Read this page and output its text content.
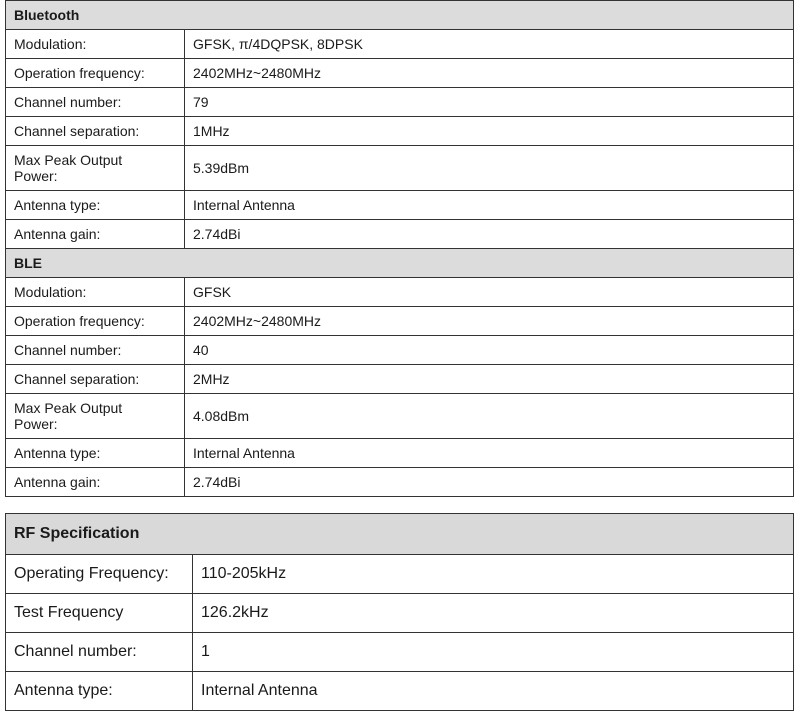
Bluetooth	
Modulation:	GFSK, π/4DQPSK, 8DPSK
Operation frequency:	2402MHz~2480MHz
Channel number:	79
Channel separation:	1MHz
Max Peak Output Power:	5.39dBm
Antenna type:	Internal Antenna
Antenna gain:	2.74dBi
BLE	
Modulation:	GFSK
Operation frequency:	2402MHz~2480MHz
Channel number:	40
Channel separation:	2MHz
Max Peak Output Power:	4.08dBm
Antenna type:	Internal Antenna
Antenna gain:	2.74dBi
RF Specification	
Operating Frequency:	110-205kHz
Test Frequency	126.2kHz
Channel number:	1
Antenna type:	Internal Antenna
